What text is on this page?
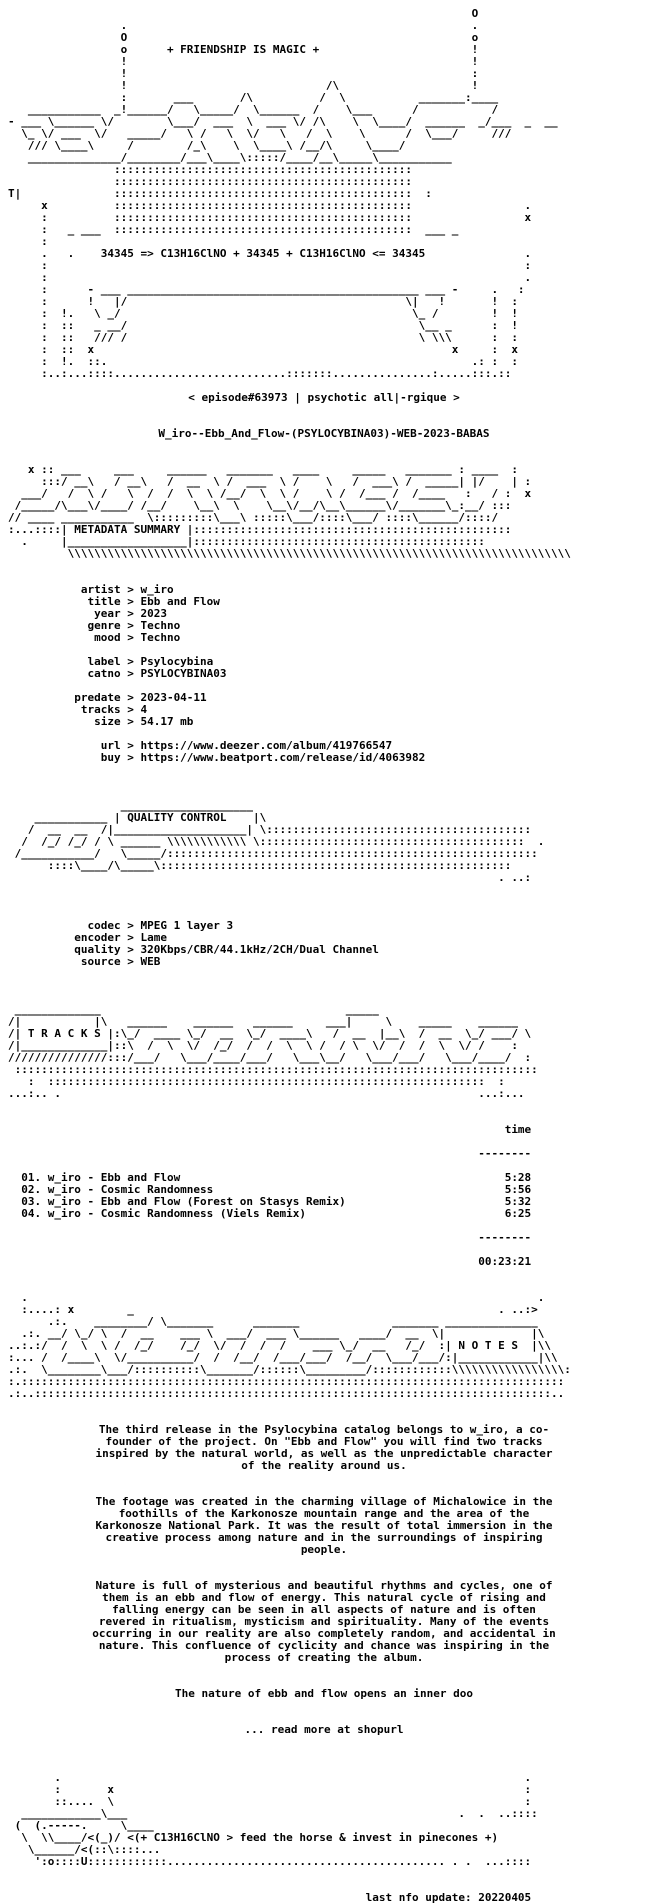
O
.                                                    .
O                                                    o
o      + FRIENDSHIP IS MAGIC +                       !
!                                                    !
!                                                    :
!                              /\                    !
:       ___       /\          /  \           _______:____
___________  _!______/   \_____/  \______  /    \___      /           /
- ___ \______ \/        \___/  ___  \  ___ \/ /\    \  \____/  ______  _/___  _  __
\_ \/ ___  \/   _____/   \ /   \  \/   \   /  \    \      /  \___/     ///
/// \____\     /        /_\    \  \____\ /__/\     \____/
______________/________/___\____\:::::/____/__\_____\___________
:::::::::::::::::::::::::::::::::::::::::::::
:::::::::::::::::::::::::::::::::::::::::::::
T|              :::::::::::::::::::::::::::::::::::::::::::::  :
x          :::::::::::::::::::::::::::::::::::::::::::::                 .
:          :::::::::::::::::::::::::::::::::::::::::::::                 x
:   _ ___  :::::::::::::::::::::::::::::::::::::::::::::  ___ _
:
.   .    34345 => C13H16ClNO + 34345 + C13H16ClNO <= 34345               .
:                                                                        :
:                                                                        .
:      - ___ ____________________________________________ ___ -     .   :
:      !   |/                                          \|   !       !  :
:  !.   \ _/                                            \_ /        !  !
:  ::   _ __/                                            \__ _      :  !
:  ::   /// /                                            \ \\\      :  :
:  ::  x                                                      x     :  x
:  !.  ::.                                                       .: :  :
:..:...::::..........................:::::::...............:.....:::.::

< episode#63973 | psychotic all|-rgique >

W_iro--Ebb_And_Flow-(PSYLOCYBINA03)-WEB-2023-BABAS

x :: ___     ___     ______   _______   ____     _____   _______ : ____  :
:::/ __\   / __\   /  __  \ /  ___  \ /    \   /  ___\ /  _____| |/    | :
___/   /  \ /   \  /  /  \  \ /__/  \  \ /    \ /  /___ /  /____   :   / :  x
/_____/\___\/____/ /__/    \__\  \    \__\/__/\__\______\/_______\_:__/ :::
// ____ ___________  \:::::::::\___\ :::::\___/::::\___/ ::::\______/::::/
:...::::| METADATA SUMMARY |::::::::::::::::::::::::::::::::::::::::::::::::
.     |__________________|::::::::::::::::::::::::::::::::::::::::::::
\\\\\\\\\\\\\\\\\\\\\\\\\\\\\\\\\\\\\\\\\\\\\\\\\\\\\\\\\\\\\\\\\\\\\\\\\\\\

artist > w_iro
title > Ebb and Flow
year > 2023
genre > Techno
mood > Techno

label > Psylocybina
catno > PSYLOCYBINA03

predate > 2023-04-11
tracks > 4
size > 54.17 mb

url > https://www.deezer.com/album/419766547
buy > https://www.beatport.com/release/id/4063982

____________________
___________ | QUALITY CONTROL    |\
/  __  __  /|____________________| \::::::::::::::::::::::::::::::::::::::::
/  /_/ /_/ / \ ______ \\\\\\\\\\\\ \::::::::::::::::::::::::::::::::::::::::  .
/___________/   \_____/::::::::::::::::::::::::::::::::::::::::::::::::::::::::
::::\____/\_____\:::::::::::::::::::::::::::::::::::::::::::::::::::::
. ..:

codec > MPEG 1 layer 3
encoder > Lame
quality > 320Kbps/CBR/44.1kHz/2CH/Dual Channel
source > WEB

_____________                                     _____
/|           |\   ______    ______   ______     ___|     \    _____    ______
/| T R A C K S |:\_/  ____ \_/  __  \_/  ____\   /  __  |__\  /  __  \_/ ___/ \
/|_____________|::\  /  \  \/  /_/  /  /  \  \ /  / \  \/  /  /  \  \/ /    :
///////////////:::/___/   \___/____/___/   \___\__/   \___/___/   \___/____/  :
:::::::::::::::::::::::::::::::::::::::::::::::::::::::::::::::::::::::::::::::
:  ::::::::::::::::::::::::::::::::::::::::::::::::::::::::::::::::::  :
...:.. .                                                               ...:...

time

--------

01. w_iro - Ebb and Flow                                                 5:28
02. w_iro - Cosmic Randomness                                            5:56
03. w_iro - Ebb and Flow (Forest on Stasys Remix)                        5:32
04. w_iro - Cosmic Randomness (Viels Remix)                              6:25

--------

00:23:21

.                                                                             .
:....: x        _                                                       . ..:>
.:.    ________/ \_______      _______              _______ ______________
.:. __/ \_/ \  /  __    ___ \  ___/  ___ \______   ____/  __  \|             |\
..:.:/  /  \  \ /  /_/    /_/  \/  /  /  /    ___ \_/  __   /_/  :| N O T E S  |\\
:... /  /____\  \/__________/  /  /__/  /___/___/  /__/  \___/___/:|____________|\\
.:.  \________\___/::::::::::\_______/::::::\_________/::::::::::::\\\\\\\\\\\\\\\\\:
:.::::::::::::::::::::::::::::::::::::::::::::::::::::::::::::::::::::::::::::::::::
.:..::::::::::::::::::::::::::::::::::::::::::::::::::::::::::::::::::::::::::::::..

The third release in the Psylocybina catalog belongs to w_iro, a co-
founder of the project. On "Ebb and Flow" you will find two tracks
inspired by the natural world, as well as the unpredictable character
of the reality around us.

The footage was created in the charming village of Michalowice in the
foothills of the Karkonosze mountain range and the area of the
Karkonosze National Park. It was the result of total immersion in the
creative process among nature and in the surroundings of inspiring
people.

Nature is full of mysterious and beautiful rhythms and cycles, one of
them is an ebb and flow of energy. This natural cycle of rising and
falling energy can be seen in all aspects of nature and is often
revered in ritualism, mysticism and spirituality. Many of the events
occurring in our reality are also completely random, and accidental in
nature. This confluence of cyclicity and chance was inspiring in the
process of creating the album.

The nature of ebb and flow opens an inner doo

... read more at shopurl

.                                                                      .
:       x                                                              :
::....  \                                                              :
____________\___                                                  .  .  ..::::
(  (.-----.     \____
\  \\____/<(_)/ <(+ C13H16ClNO > feed the horse & invest in pinecones +)
\______/<(::\::::...
':o::::U::::::::::::.......................................... . .  ...::::

last nfo update: 20220405
